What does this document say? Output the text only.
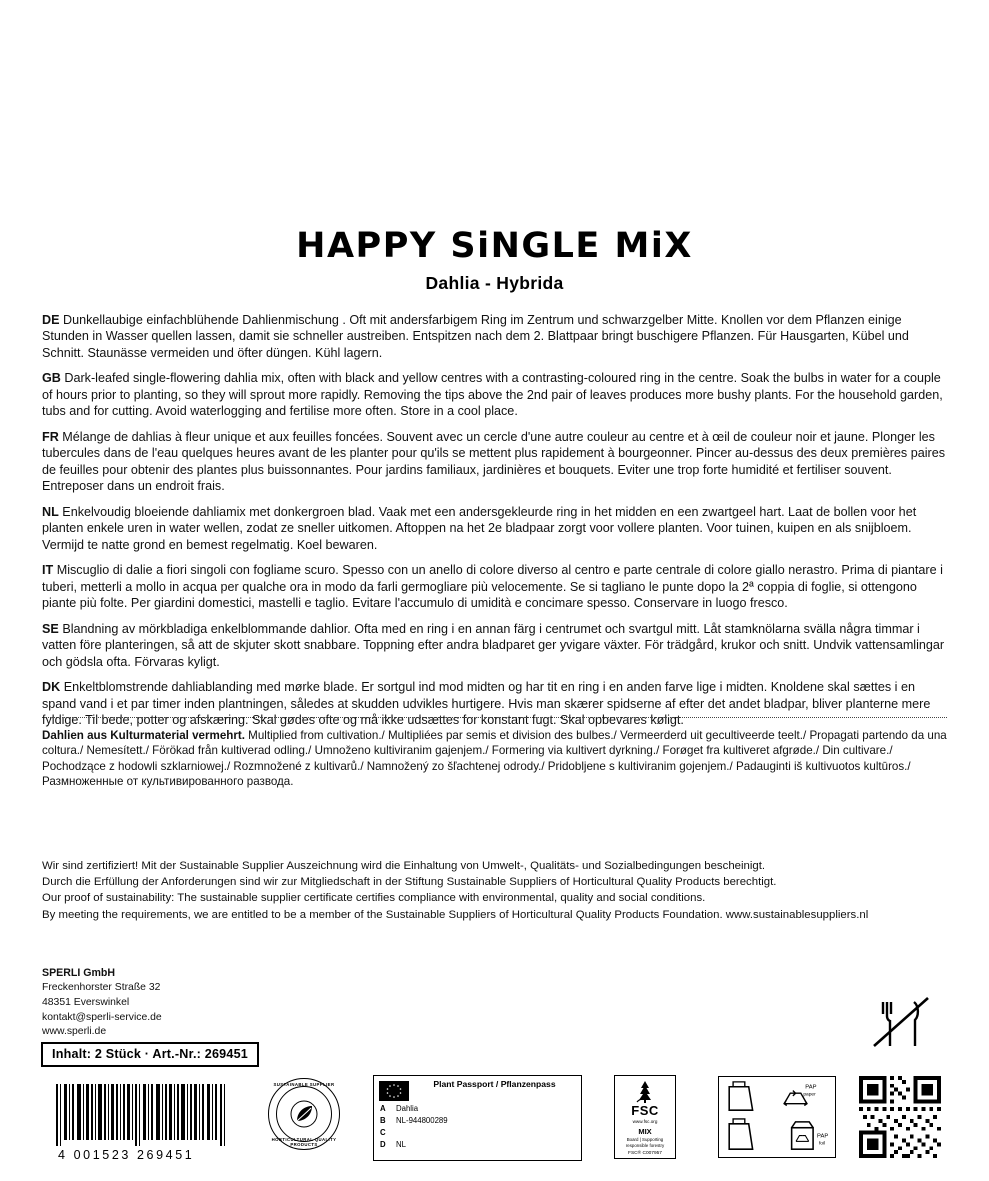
HAPPY SiNGLE MiX
Dahlia - Hybrida

DE Dunkellaubige einfachblühende Dahlienmischung . Oft mit andersfarbigem Ring im Zentrum und schwarzgelber Mitte. Knollen vor dem Pflanzen einige Stunden in Wasser quellen lassen, damit sie schneller austreiben. Entspitzen nach dem 2. Blattpaar bringt buschigere Pflanzen. Für Hausgarten, Kübel und Schnitt. Staunässe vermeiden und öfter düngen. Kühl lagern.

GB Dark-leafed single-flowering dahlia mix, often with black and yellow centres with a contrasting-coloured ring in the centre. Soak the bulbs in water for a couple of hours prior to planting, so they will sprout more rapidly. Removing the tips above the 2nd pair of leaves produces more bushy plants. For the household garden, tubs and for cutting. Avoid waterlogging and fertilise more often. Store in a cool place.

FR Mélange de dahlias à fleur unique et aux feuilles foncées. Souvent avec un cercle d'une autre couleur au centre et à œil de couleur noir et jaune. Plonger les tubercules dans de l'eau quelques heures avant de les planter pour qu'ils se mettent plus rapidement à bourgeonner. Pincer au-dessus des deux premières paires de feuilles pour obtenir des plantes plus buissonnantes. Pour jardins familiaux, jardinières et bouquets. Eviter une trop forte humidité et fertiliser souvent. Entreposer dans un endroit frais.

NL Enkelvoudig bloeiende dahliamix met donkergroen blad. Vaak met een andersgekleurde ring in het midden en een zwartgeel hart. Laat de bollen voor het planten enkele uren in water wellen, zodat ze sneller uitkomen. Aftoppen na het 2e bladpaar zorgt voor vollere planten. Voor tuinen, kuipen en als snijbloem. Vermijd te natte grond en bemest regelmatig. Koel bewaren.

IT Miscuglio di dalie a fiori singoli con fogliame scuro. Spesso con un anello di colore diverso al centro e parte centrale di colore giallo nerastro. Prima di piantare i tuberi, metterli a mollo in acqua per qualche ora in modo da farli germogliare più velocemente. Se si tagliano le punte dopo la 2ª coppia di foglie, si ottengono piante più folte. Per giardini domestici, mastelli e taglio. Evitare l'accumulo di umidità e concimare spesso. Conservare in luogo fresco.

SE Blandning av mörkbladiga enkelblommande dahlior. Ofta med en ring i en annan färg i centrumet och svartgul mitt. Låt stamknölarna svälla några timmar i vatten före planteringen, så att de skjuter skott snabbare. Toppning efter andra bladparet ger yvigare växter. För trädgård, krukor och snitt. Undvik vattensamlingar och gödsla ofta. Förvaras kyligt.

DK Enkeltblomstrende dahliablanding med mørke blade. Er sortgul ind mod midten og har tit en ring i en anden farve lige i midten. Knoldene skal sættes i en spand vand i et par timer inden plantningen, således at skudden udvikles hurtigere. Hvis man skærer spidserne af efter det andet bladpar, bliver planterne mere fyldige. Til bede, potter og afskæring. Skal gødes ofte og må ikke udsættes for konstant fugt. Skal opbevares køligt.

Dahlien aus Kulturmaterial vermehrt. Multiplied from cultivation./ Multipliées par semis et division des bulbes./ Vermeerderd uit gecultiveerde teelt./ Propagati partendo da una coltura./ Nemesített./ Förökad från kultiverad odling./ Umnoženo kultiviranim gajenjem./ Formering via kultivert dyrkning./ Forøget fra kultiveret afgrøde./ Din cultivare./ Pochodzące z hodowli szklarniowej./ Rozmnožené z kultivarů./ Namnožený zo šľachtenej odrody./ Pridobljene s kultiviranim gojenjem./ Padauginti iš kultivuotos kultūros./ Размноженные от культивированного развода.
Wir sind zertifiziert! Mit der Sustainable Supplier Auszeichnung wird die Einhaltung von Umwelt-, Qualitäts- und Sozialbedingungen bescheinigt.
Durch die Erfüllung der Anforderungen sind wir zur Mitgliedschaft in der Stiftung Sustainable Suppliers of Horticultural Quality Products berechtigt.
Our proof of sustainability: The sustainable supplier certificate certifies compliance with environmental, quality and social conditions.
By meeting the requirements, we are entitled to be a member of the Sustainable Suppliers of Horticultural Quality Products Foundation. www.sustainablesuppliers.nl
SPERLI GmbH
Freckenhorster Straße 32
48351 Everswinkel
kontakt@sperli-service.de
www.sperli.de
Inhalt: 2 Stück · Art.-Nr.: 269451
4 001523 269451
SUSTAINABLE SUPPLIER
HORTICULTURAL QUALITY PRODUCTS
Plant Passport / Pflanzenpass
A	Dahlia
B	NL-944800289
C
D	NL
FSC
www.fsc.org
MIX
Board | Supporting responsible forestry
FSC® C007957
PAP
paper
PAP
foil
